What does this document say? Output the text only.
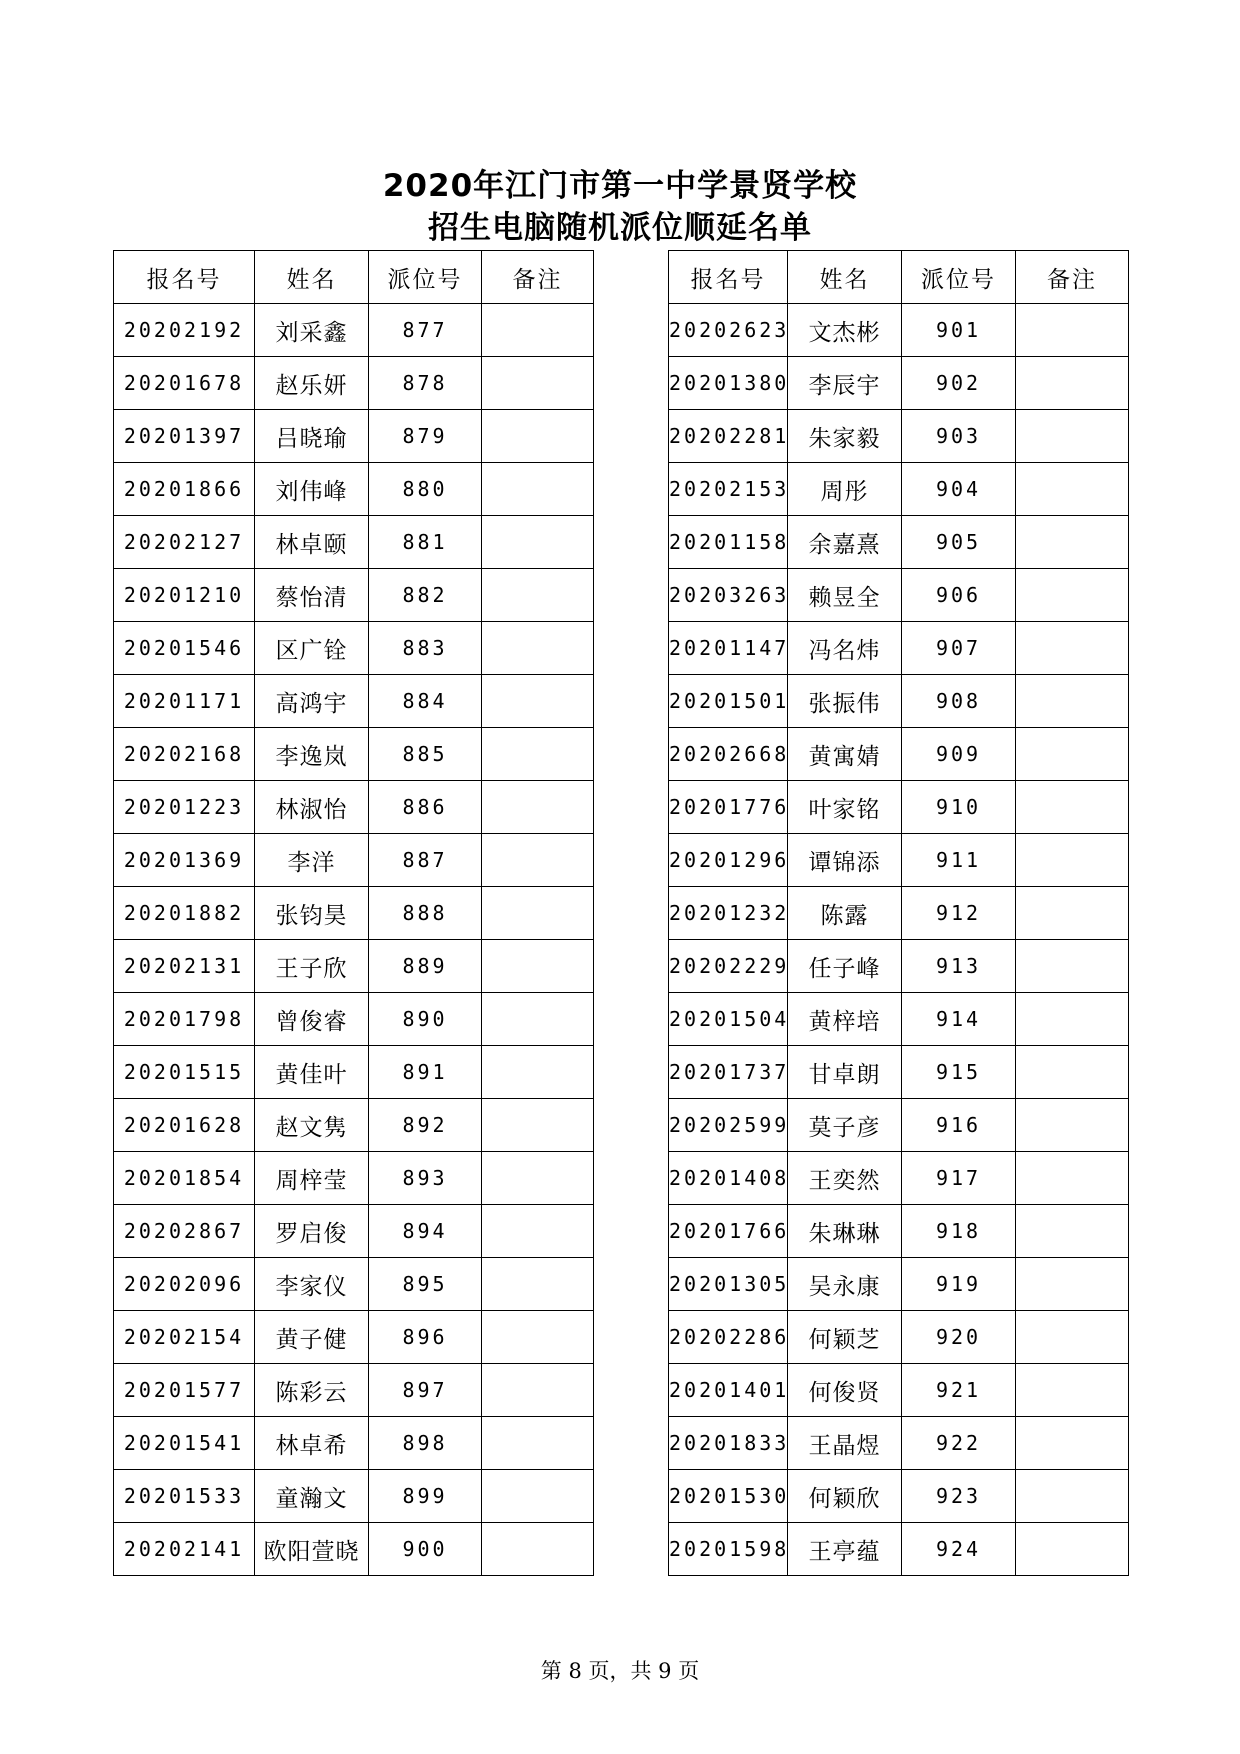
2020年江门市第一中学景贤学校
招生电脑随机派位顺延名单
报名号	姓名	派位号	备注
20202192	刘采鑫	877	
20201678	赵乐妍	878	
20201397	吕晓瑜	879	
20201866	刘伟峰	880	
20202127	林卓颐	881	
20201210	蔡怡清	882	
20201546	区广铨	883	
20201171	高鸿宇	884	
20202168	李逸岚	885	
20201223	林淑怡	886	
20201369	李洋	887	
20201882	张钧昊	888	
20202131	王子欣	889	
20201798	曾俊睿	890	
20201515	黄佳叶	891	
20201628	赵文隽	892	
20201854	周梓莹	893	
20202867	罗启俊	894	
20202096	李家仪	895	
20202154	黄子健	896	
20201577	陈彩云	897	
20201541	林卓希	898	
20201533	童瀚文	899	
20202141	欧阳萱晓	900	
报名号	姓名	派位号	备注
20202623	文杰彬	901	
20201380	李辰宇	902	
20202281	朱家毅	903	
20202153	周彤	904	
20201158	余嘉熹	905	
20203263	赖昱全	906	
20201147	冯名炜	907	
20201501	张振伟	908	
20202668	黄寓婧	909	
20201776	叶家铭	910	
20201296	谭锦添	911	
20201232	陈露	912	
20202229	任子峰	913	
20201504	黄梓培	914	
20201737	甘卓朗	915	
20202599	莫子彦	916	
20201408	王奕然	917	
20201766	朱琳琳	918	
20201305	吴永康	919	
20202286	何颖芝	920	
20201401	何俊贤	921	
20201833	王晶煜	922	
20201530	何颖欣	923	
20201598	王亭蕴	924	
第 8 页，共 9 页
